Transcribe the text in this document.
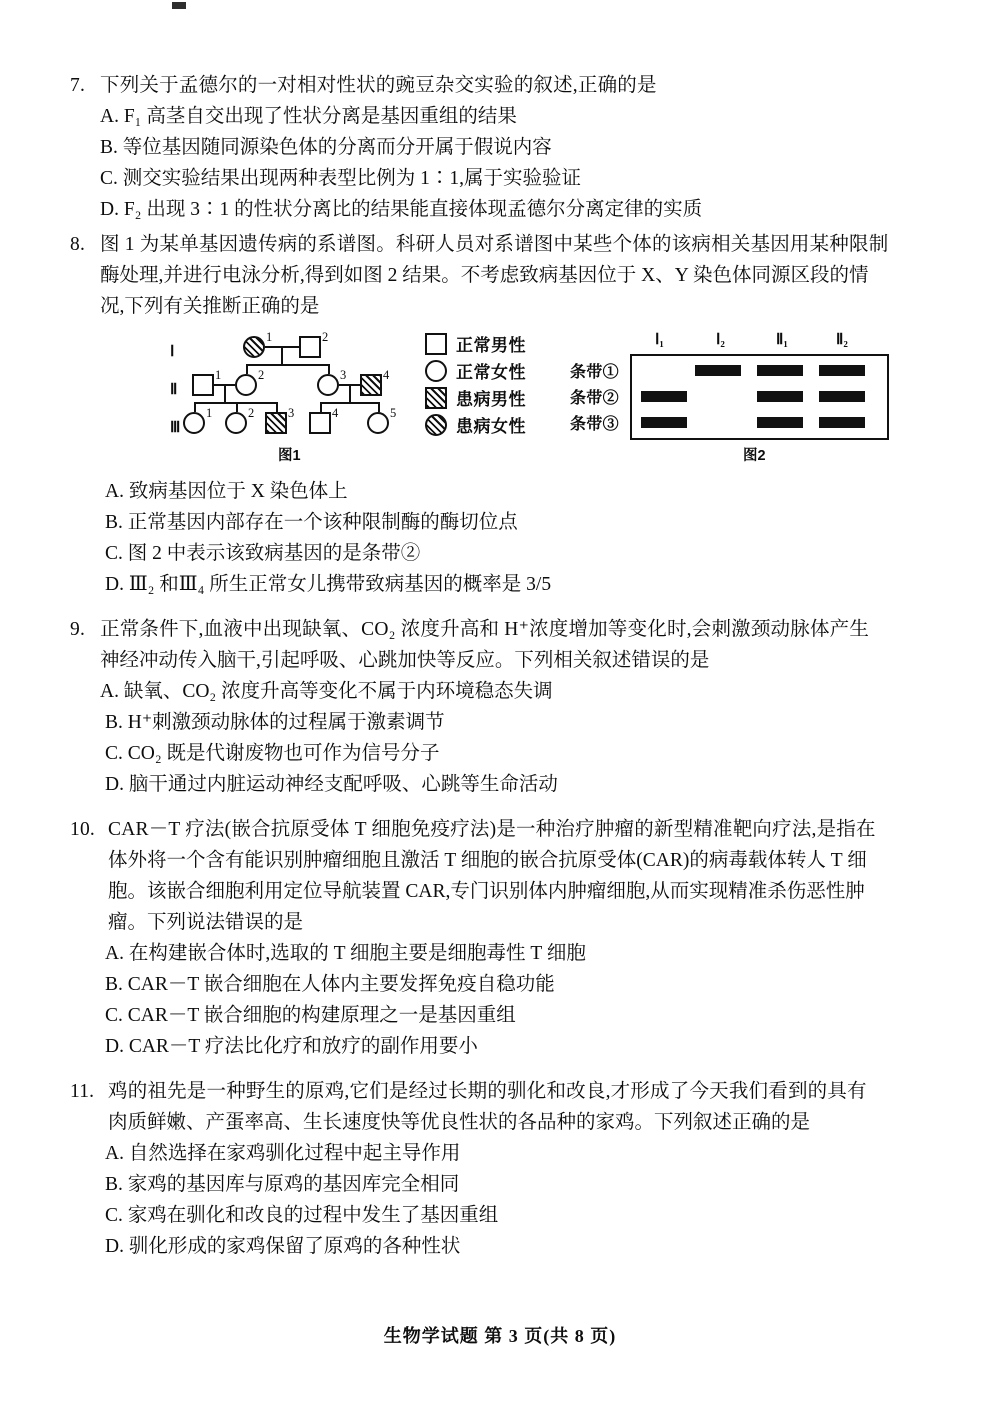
7. 下列关于孟德尔的一对相对性状的豌豆杂交实验的叙述,正确的是
A. F₁ 高茎自交出现了性状分离是基因重组的结果
B. 等位基因随同源染色体的分离而分开属于假说内容
C. 测交实验结果出现两种表型比例为 1∶1,属于实验验证
D. F₂ 出现 3∶1 的性状分离比的结果能直接体现孟德尔分离定律的实质
8. 图 1 为某单基因遗传病的系谱图。科研人员对系谱图中某些个体的该病相关基因用某种限制
酶处理,并进行电泳分析,得到如图 2 结果。不考虑致病基因位于 X、Y 染色体同源区段的情
况,下列有关推断正确的是
Ⅰ
Ⅱ
Ⅲ
1	2
1	2	3	4
1	2	3	4	5
图1
正常男性
正常女性
患病男性
患病女性
Ⅰ₁	Ⅰ₂	Ⅱ₁	Ⅱ₂
条带①
条带②
条带③
图2
A. 致病基因位于 X 染色体上
B. 正常基因内部存在一个该种限制酶的酶切位点
C. 图 2 中表示该致病基因的是条带②
D. Ⅲ₂ 和Ⅲ₄ 所生正常女儿携带致病基因的概率是 3/5
9. 正常条件下,血液中出现缺氧、CO₂ 浓度升高和 H⁺浓度增加等变化时,会刺激颈动脉体产生
神经冲动传入脑干,引起呼吸、心跳加快等反应。下列相关叙述错误的是
A. 缺氧、CO₂ 浓度升高等变化不属于内环境稳态失调
B. H⁺刺激颈动脉体的过程属于激素调节
C. CO₂ 既是代谢废物也可作为信号分子
D. 脑干通过内脏运动神经支配呼吸、心跳等生命活动
10. CAR－T 疗法(嵌合抗原受体 T 细胞免疫疗法)是一种治疗肿瘤的新型精准靶向疗法,是指在
体外将一个含有能识别肿瘤细胞且激活 T 细胞的嵌合抗原受体(CAR)的病毒载体转人 T 细
胞。该嵌合细胞利用定位导航装置 CAR,专门识别体内肿瘤细胞,从而实现精准杀伤恶性肿
瘤。下列说法错误的是
A. 在构建嵌合体时,选取的 T 细胞主要是细胞毒性 T 细胞
B. CAR－T 嵌合细胞在人体内主要发挥免疫自稳功能
C. CAR－T 嵌合细胞的构建原理之一是基因重组
D. CAR－T 疗法比化疗和放疗的副作用要小
11. 鸡的祖先是一种野生的原鸡,它们是经过长期的驯化和改良,才形成了今天我们看到的具有
肉质鲜嫩、产蛋率高、生长速度快等优良性状的各品种的家鸡。下列叙述正确的是
A. 自然选择在家鸡驯化过程中起主导作用
B. 家鸡的基因库与原鸡的基因库完全相同
C. 家鸡在驯化和改良的过程中发生了基因重组
D. 驯化形成的家鸡保留了原鸡的各种性状
生物学试题 第 3 页(共 8 页)
